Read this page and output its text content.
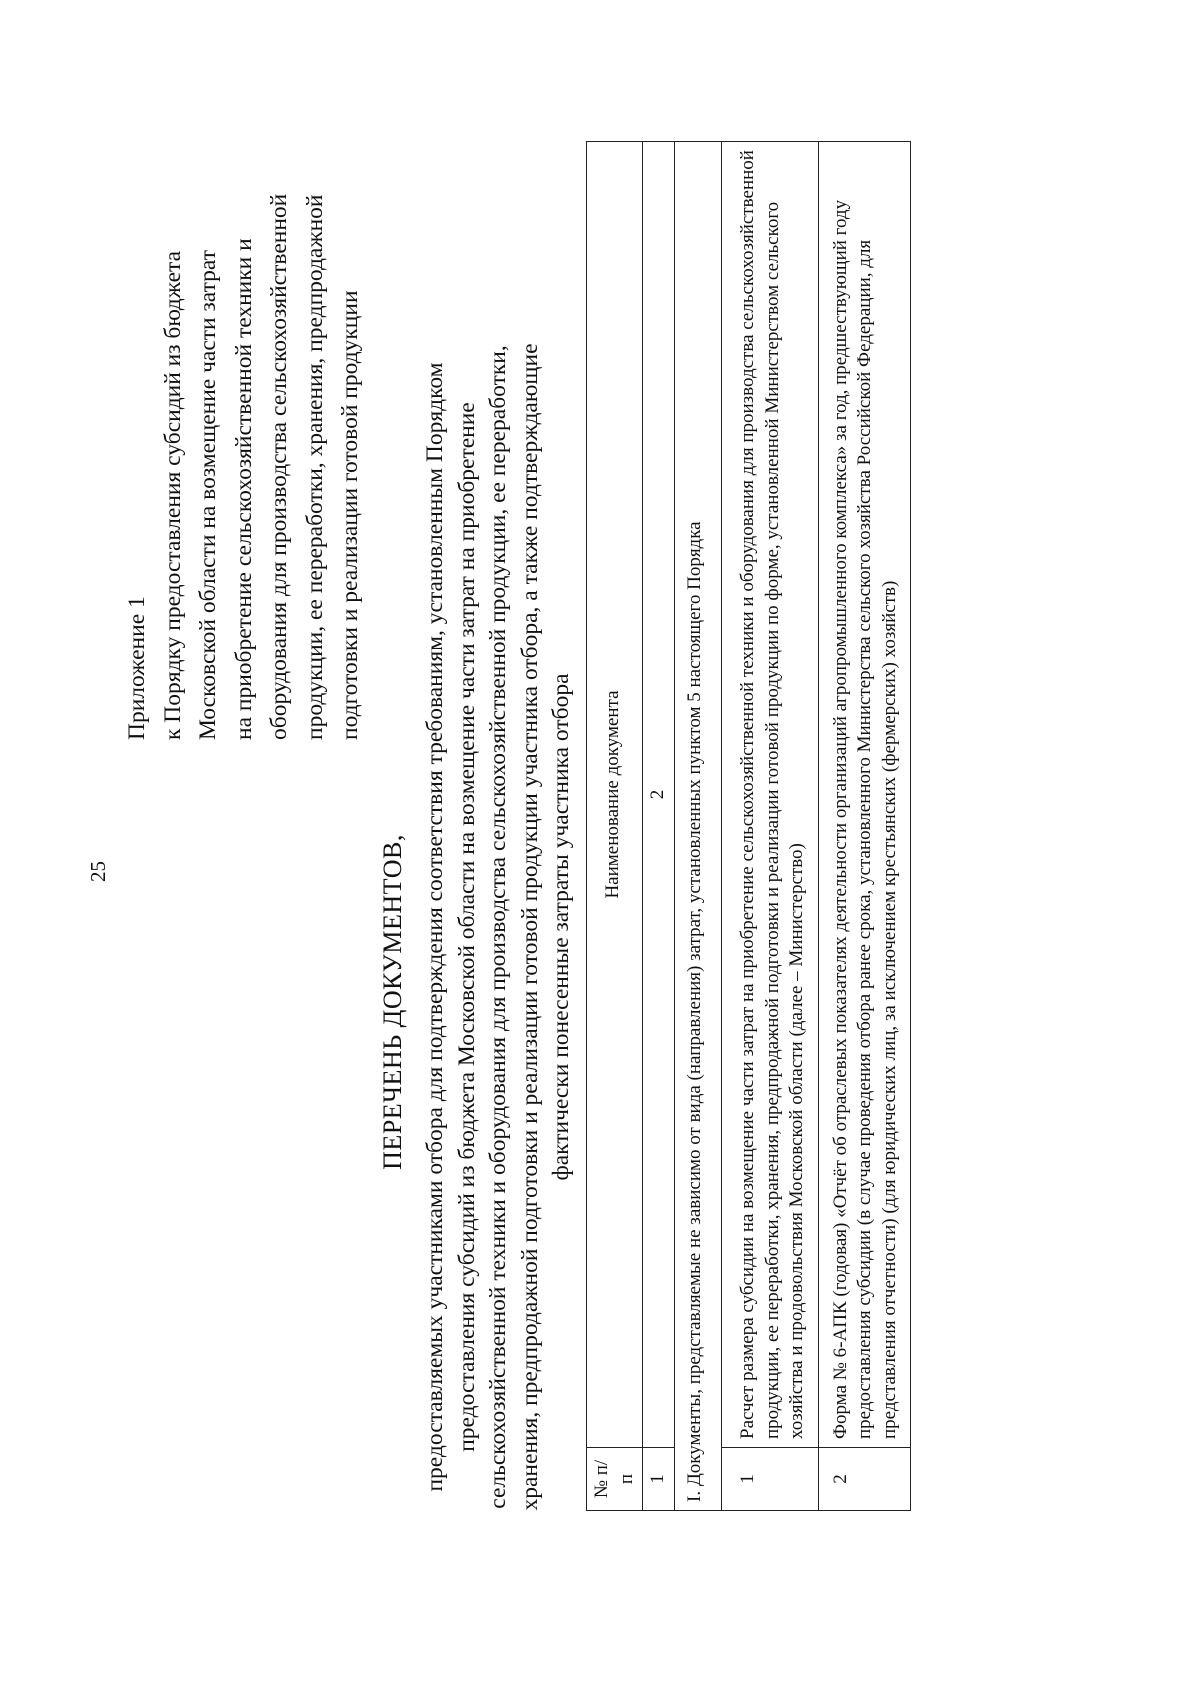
25
Приложение 1 к Порядку предоставления субсидий из бюджета Московской области на возмещение части затрат на приобретение сельскохозяйственной техники и оборудования для производства сельскохозяйственной продукции, ее переработки, хранения, предпродажной подготовки и реализации готовой продукции
ПЕРЕЧЕНЬ ДОКУМЕНТОВ, предоставляемых участниками отбора для подтверждения соответствия требованиям, установленным Порядком предоставления субсидий из бюджета Московской области на возмещение части затрат на приобретение сельскохозяйственной техники и оборудования для производства сельскохозяйственной продукции, ее переработки, хранения, предпродажной подготовки и реализации готовой продукции участника отбора, а также подтверждающие фактически понесенные затраты участника отбора
№ п/п	Наименование документа
1	2
I. Документы, представляемые не зависимо от вида (направления) затрат, установленных пунктом 5 настоящего Порядка	
1	Расчет размера субсидии на возмещение части затрат на приобретение сельскохозяйственной техники и оборудования для производства сельскохозяйственной продукции, ее переработки, хранения, предпродажной подготовки и реализации готовой продукции по форме, установленной Министерством сельского хозяйства и продовольствия Московской области (далее – Министерство)
2	Форма № 6-АПК (годовая) «Отчёт об отраслевых показателях деятельности организаций агропромышленного комплекса» за год, предшествующий году предоставления субсидии (в случае проведения отбора ранее срока, установленного Министерства сельского хозяйства Российской Федерации, для представления отчетности) (для юридических лиц, за исключением крестьянских (фермерских) хозяйств)
